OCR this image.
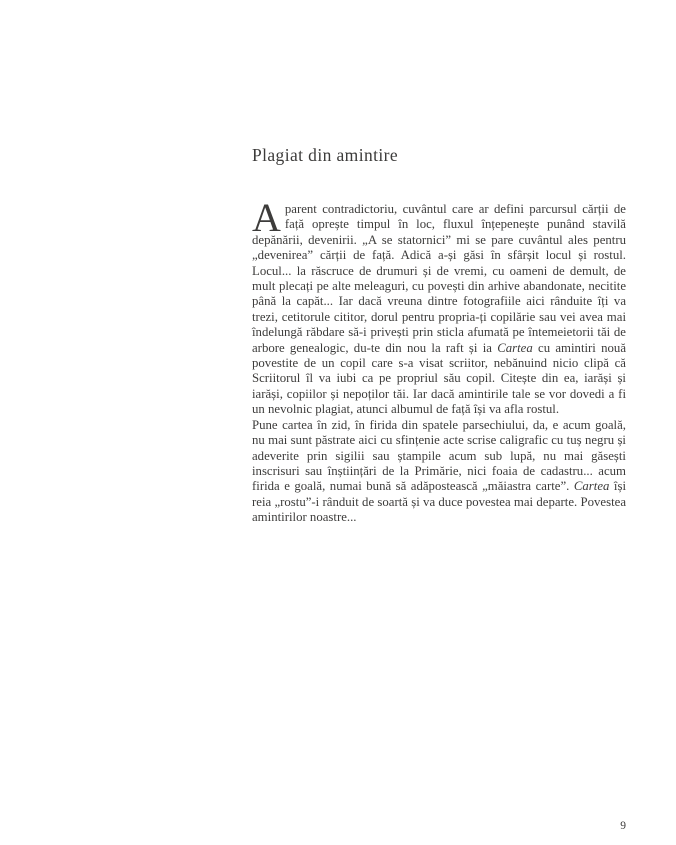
Plagiat din amintire

Aparent contradictoriu, cuvântul care ar defini parcursul cărții de față oprește timpul în loc, fluxul înțepenește punând stavilă depănării, devenirii. „A se statornici” mi se pare cuvântul ales pentru „devenirea” cărții de față. Adică a-și găsi în sfârșit locul și rostul. Locul... la răscruce de drumuri și de vremi, cu oameni de demult, de mult plecați pe alte meleaguri, cu povești din arhive abandonate, necitite până la capăt... Iar dacă vreuna dintre fotografiile aici rânduite îți va trezi, cetitorule cititor, dorul pentru propria-ți copilărie sau vei avea mai îndelungă răbdare să-i privești prin sticla afumată pe întemeietorii tăi de arbore genealogic, du-te din nou la raft și ia Cartea cu amintiri nouă povestite de un copil care s-a visat scriitor, nebănuind nicio clipă că Scriitorul îl va iubi ca pe propriul său copil. Citește din ea, iarăși și iarăși, copiilor și nepoților tăi. Iar dacă amintirile tale se vor dovedi a fi un nevolnic plagiat, atunci albumul de față își va afla rostul.

Pune cartea în zid, în firida din spatele parsechiului, da, e acum goală, nu mai sunt păstrate aici cu sfințenie acte scrise caligrafic cu tuș negru și adeverite prin sigilii sau ștampile acum sub lupă, nu mai găsești inscrisuri sau înștiințări de la Primărie, nici foaia de cadastru... acum firida e goală, numai bună să adăpostească „măiastra carte”. Cartea își reia „rostu”-i rânduit de soartă și va duce povestea mai departe. Povestea amintirilor noastre...

9
